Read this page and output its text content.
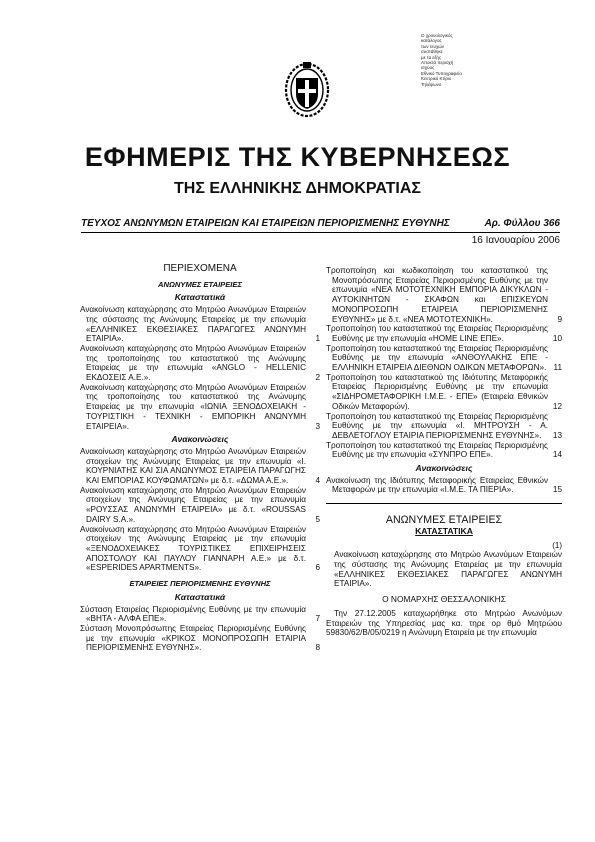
Ο χρονολογικός
κατάλογος
των τευχών
συστάθηκε
με τα εξής
Αποκτά περιοχή
ισχύος
Εθνικό Τυπογραφείο
Κεντρικό Κτίριο
Τηλέφωνο
ΕΦΗΜΕΡΙΣ ΤΗΣ ΚΥΒΕΡΝΗΣΕΩΣ
ΤΗΣ ΕΛΛΗΝΙΚΗΣ ΔΗΜΟΚΡΑΤΙΑΣ
ΤΕΥΧΟΣ ΑΝΩΝΥΜΩΝ ΕΤΑΙΡΕΙΩΝ ΚΑΙ ΕΤΑΙΡΕΙΩΝ ΠΕΡΙΟΡΙΣΜΕΝΗΣ ΕΥΘΥΝΗΣ	Αρ. Φύλλου 366
16 Ιανουαρίου 2006
ΠΕΡΙΕΧΟΜΕΝΑ
ΑΝΩΝΥΜΕΣ ΕΤΑΙΡΕΙΕΣ
Καταστατικά
Ανακοίνωση καταχώρησης στο Μητρώο Ανωνύμων Εταιρειών της σύστασης της Ανώνυμης Εταιρείας με την επωνυμία «ΕΛΛΗΝΙΚΕΣ ΕΚΘΕΣΙΑΚΕΣ ΠΑΡΑΓΩΓΕΣ ΑΝΩΝΥΜΗ ΕΤΑΙΡΙΑ».	1
Ανακοίνωση καταχώρησης στο Μητρώο Ανωνύμων Εταιρειών της τροποποίησης του καταστατικού της Ανώνυμης Εταιρείας με την επωνυμία «ANGLO - HELLENIC ΕΚΔΟΣΕΙΣ Α.Ε.».	2
Ανακοίνωση καταχώρησης στο Μητρώο Ανωνύμων Εταιρειών της τροποποίησης του καταστατικού της Ανώνυμης Εταιρείας με την επωνυμία «ΙΩΝΙΑ ΞΕΝΟΔΟΧΕΙΑΚΗ - ΤΟΥΡΙΣΤΙΚΗ - ΤΕΧΝΙΚΗ - ΕΜΠΟΡΙΚΗ ΑΝΩΝΥΜΗ ΕΤΑΙΡΕΙΑ».	3
Ανακοινώσεις
Ανακοίνωση καταχώρησης στο Μητρώο Ανωνύμων Εταιρειών στοιχείων της Ανώνυμης Εταιρείας με την επωνυμία «Ι. ΚΟΥΡΝΙΑΤΗΣ ΚΑΙ ΣΙΑ ΑΝΩΝΥΜΟΣ ΕΤΑΙΡΕΙΑ ΠΑΡΑΓΩΓΗΣ ΚΑΙ ΕΜΠΟΡΙΑΣ ΚΟΥΦΩΜΑΤΩΝ» με δ.τ. «ΔΩΜΑ Α.Ε.».	4
Ανακοίνωση καταχώρησης στο Μητρώο Ανωνύμων Εταιρειών στοιχείων της Ανώνυμης Εταιρείας με την επωνυμία «ΡΟΥΣΣΑΣ ΑΝΩΝΥΜΗ ΕΤΑΙΡΕΙΑ» με δ.τ. «ROUSSAS DAIRY S.A.».	5
Ανακοίνωση καταχώρησης στο Μητρώο Ανωνύμων Εταιρειών στοιχείων της Ανώνυμης Εταιρείας με την επωνυμία «ΞΕΝΟΔΟΧΕΙΑΚΕΣ ΤΟΥΡΙΣΤΙΚΕΣ ΕΠΙΧΕΙΡΗΣΕΙΣ ΑΠΟΣΤΟΛΟΥ ΚΑΙ ΠΑΥΛΟΥ ΓΙΑΝΝΑΡΗ Α.Ε.» με δ.τ. «ESPERIDES APARTMENTS».	6
ΕΤΑΙΡΕΙΕΣ ΠΕΡΙΟΡΙΣΜΕΝΗΣ ΕΥΘΥΝΗΣ
Καταστατικά
Σύσταση Εταιρείας Περιορισμένης Ευθύνης με την επωνυμία «ΒΗΤΑ - ΑΛΦΑ ΕΠΕ».	7
Σύσταση Μονοπρόσωπης Εταιρείας Περιορισμένης Ευθύνης με την επωνυμία «ΚΡΙΚΟΣ ΜΟΝΟΠΡΟΣΩΠΗ ΕΤΑΙΡΙΑ ΠΕΡΙΟΡΙΣΜΕΝΗΣ ΕΥΘΥΝΗΣ».	8
Τροποποίηση και κωδικοποίηση του καταστατικού της Μονοπρόσωπης Εταιρείας Περιορισμένης Ευθύνης με την επωνυμία «ΝΕΑ ΜΟΤΟΤΕΧΝΙΚΗ ΕΜΠΟΡΙΑ ΔΙΚΥΚΛΩΝ - ΑΥΤΟΚΙΝΗΤΩΝ - ΣΚΑΦΩΝ και ΕΠΙΣΚΕΥΩΝ ΜΟΝΟΠΡΟΣΩΠΗ ΕΤΑΙΡΕΙΑ ΠΕΡΙΟΡΙΣΜΕΝΗΣ ΕΥΘΥΝΗΣ» με δ.τ. «ΝΕΑ ΜΟΤΟΤΕΧΝΙΚΗ».	9
Τροποποίηση του καταστατικού της Εταιρείας Περιορισμένης Ευθύνης με την επωνυμία «HOME LINE ΕΠΕ».	10
Τροποποίηση του καταστατικού της Εταιρείας Περιορισμένης Ευθύνης με την επωνυμία «ΑΝΘΟΥΛΑΚΗΣ ΕΠΕ - ΕΛΛΗΝΙΚΗ ΕΤΑΙΡΕΙΑ ΔΙΕΘΝΩΝ ΟΔΙΚΩΝ ΜΕΤΑΦΟΡΩΝ». 11
Τροποποίηση του καταστατικού της Ιδιότυπης Μεταφορικής Εταιρείας Περιορισμένης Ευθύνης με την επωνυμία «ΣΙΔΗΡΟΜΕΤΑΦΟΡΙΚΗ Ι.Μ.Ε. - ΕΠΕ» (Εταιρεία Εθνικών Οδικών Μεταφορών).	12
Τροποποίηση του καταστατικού της Εταιρείας Περιορισμένης Ευθύνης με την επωνυμία «Ι. ΜΗΤΡΟΥΣΗ - Α. ΔΕΒΛΕΤΟΓΛΟΥ ΕΤΑΙΡΙΑ ΠΕΡΙΟΡΙΣΜΕΝΗΣ ΕΥΘΥΝΗΣ». 13
Τροποποίηση του καταστατικού της Εταιρείας Περιορισμένης Ευθύνης με την επωνυμία «ΣΥΝΠΡΟ ΕΠΕ».	14
Ανακοινώσεις
Ανακοίνωση της Ιδιότυπης Μεταφορικής Εταιρείας Εθνικών Μεταφορών με την επωνυμία «Ι.Μ.Ε. ΤΑ ΠΙΕΡΙΑ».	15
ΑΝΩΝΥΜΕΣ ΕΤΑΙΡΕΙΕΣ
ΚΑΤΑΣΤΑΤΙΚΑ
(1)
Ανακοίνωση καταχώρησης στο Μητρώο Ανωνύμων Εταιρειών της σύστασης της Ανώνυμης Εταιρείας με την επωνυμία «ΕΛΛΗΝΙΚΕΣ ΕΚΘΕΣΙΑΚΕΣ ΠΑΡΑΓΩΓΕΣ ΑΝΩΝΥΜΗ ΕΤΑΙΡΙΑ».
Ο ΝΟΜΑΡΧΗΣ ΘΕΣΣΑΛΟΝΙΚΗΣ
Την 27.12.2005 καταχωρήθηκε στο Μητρώο Ανωνύμων Εταιρειών της Υπηρεσίας μας κα. τηρε ορ θμό Μητρώου 59830/62/Β/05/0219 η Ανώνυμη Εταιρεία με την επωνυμία
